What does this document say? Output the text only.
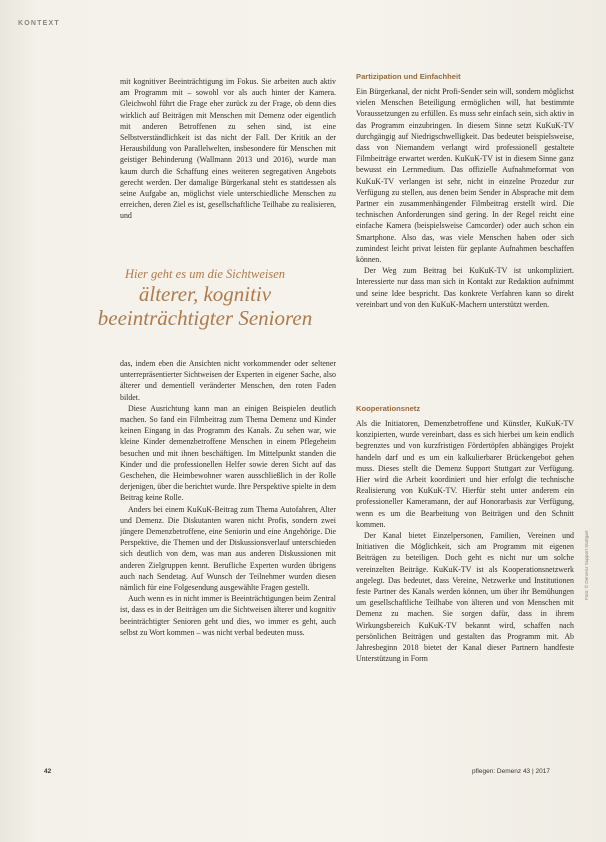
KONTEXT

mit kognitiver Beeinträchtigung im Fokus. Sie arbeiten auch aktiv am Programm mit – sowohl vor als auch hinter der Kamera. Gleichwohl führt die Frage eher zurück zu der Frage, ob denn dies wirklich auf Beiträgen mit Menschen mit Demenz oder eigentlich mit anderen Betroffenen zu sehen sind, ist eine Selbstverständlichkeit ist das nicht der Fall. Der Kritik an der Herausbildung von Parallelwelten, insbesondere für Menschen mit geistiger Behinderung (Wallmann 2013 und 2016), wurde man kaum durch die Schaffung eines weiteren segregativen Angebots gerecht werden. Der damalige Bürgerkanal steht es stattdessen als seine Aufgabe an, möglichst viele unterschiedliche Menschen zu erreichen, deren Ziel es ist, gesellschaftliche Teilhabe zu realisieren, und

Hier geht es um die Sichtweisen
älterer, kognitiv
beeinträchtigter Senioren

das, indem eben die Ansichten nicht vorkommender oder seltener unterrepräsentierter Sichtweisen der Experten in eigener Sache, also älterer und dementiell veränderter Menschen, den roten Faden bildet.

Diese Ausrichtung kann man an einigen Beispielen deutlich machen. So fand ein Filmbeitrag zum Thema Demenz und Kinder keinen Eingang in das Programm des Kanals. Zu sehen war, wie kleine Kinder demenzbetroffene Menschen in einem Pflegeheim besuchen und mit ihnen beschäftigen. Im Mittelpunkt standen die Kinder und die professionellen Helfer sowie deren Sicht auf das Geschehen, die Heimbewohner waren ausschließlich in der Rolle derjenigen, über die berichtet wurde. Ihre Perspektive spielte in dem Beitrag keine Rolle.

Anders bei einem KuKuK-Beitrag zum Thema Autofahren, Alter und Demenz. Die Diskutanten waren nicht Profis, sondern zwei jüngere Demenzbetroffene, eine Seniorin und eine Angehörige. Die Perspektive, die Themen und der Diskussionsverlauf unterschieden sich deutlich von dem, was man aus anderen Diskussionen mit anderen Zielgruppen kennt. Berufliche Experten wurden übrigens auch nach Sendetag. Auf Wunsch der Teilnehmer wurden diesen nämlich für eine Folgesendung ausgewählte Fragen gestellt.

Auch wenn es in nicht immer is Beeinträchtigungen beim Zentral ist, dass es in der Beiträgen um die Sichtweisen älterer und kognitiv beeinträchtigter Senioren geht und dies, wo immer es geht, auch selbst zu Wort kommen – was nicht verbal bedeuten muss.

Partizipation und Einfachheit

Ein Bürgerkanal, der nicht Profi-Sender sein will, sondern möglichst vielen Menschen Beteiligung ermöglichen will, hat bestimmte Voraussetzungen zu erfüllen. Es muss sehr einfach sein, sich aktiv in das Programm einzubringen. In diesem Sinne setzt KuKuK-TV durchgängig auf Niedrigschwelligkeit. Das bedeutet beispielsweise, dass von Niemandem verlangt wird professionell gestaltete Filmbeiträge erwartet werden. KuKuK-TV ist in diesem Sinne ganz bewusst ein Lernmedium. Das offizielle Aufnahmeformat von KuKuK-TV verlangen ist sehr, nicht in einzelne Prozedur zur Verfügung zu stellen, aus denen beim Sender in Absprache mit dem Partner ein zusammenhängender Filmbeitrag erstellt wird. Die technischen Anforderungen sind gering. In der Regel reicht eine einfache Kamera (beispielsweise Camcorder) oder auch schon ein Smartphone. Also das, was viele Menschen haben oder sich zumindest leicht privat leisten für geplante Aufnahmen beschaffen können.

Der Weg zum Beitrag bei KuKuK-TV ist unkompliziert. Interessierte nur dass man sich in Kontakt zur Redaktion aufnimmt und seine Idee bespricht. Das konkrete Verfahren kann so direkt vereinbart und von den KuKuK-Machern unterstützt werden.

Kooperationsnetz

Als die Initiatoren, Demenzbetroffene und Künstler, KuKuK-TV konzipierten, wurde vereinbart, dass es sich hierbei um kein endlich begrenztes und von kurzfristigen Fördertöpfen abhängiges Projekt handeln darf und es um ein kalkulierbarer Brückengebot gehen muss. Dieses stellt die Demenz Support Stuttgart zur Verfügung. Hier wird die Arbeit koordiniert und hier erfolgt die technische Realisierung von KuKuK-TV. Hierfür steht unter anderem ein professioneller Kameramann, der auf Honorarbasis zur Verfügung, wenn es um die Bearbeitung von Beiträgen und den Schnitt kommen.

Der Kanal bietet Einzelpersonen, Familien, Vereinen und Initiativen die Möglichkeit, sich am Programm mit eigenen Beiträgen zu beteiligen. Doch geht es nicht nur um solche vereinzelten Beiträge. KuKuK-TV ist als Kooperationsnetzwerk angelegt. Das bedeutet, dass Vereine, Netzwerke und Institutionen feste Partner des Kanals werden können, um über ihr Bemühungen um gesellschaftliche Teilhabe von älteren und von Menschen mit Demenz zu machen. Sie sorgen dafür, dass in ihrem Wirkungsbereich KuKuK-TV bekannt wird, schaffen nach persönlichen Beiträgen und gestalten das Programm mit. Ab Jahresbeginn 2018 bietet der Kanal dieser Partnern handfeste Unterstützung in Form

Foto: © Demenz Support Stuttgart
42	pflegen: Demenz 43 | 2017
